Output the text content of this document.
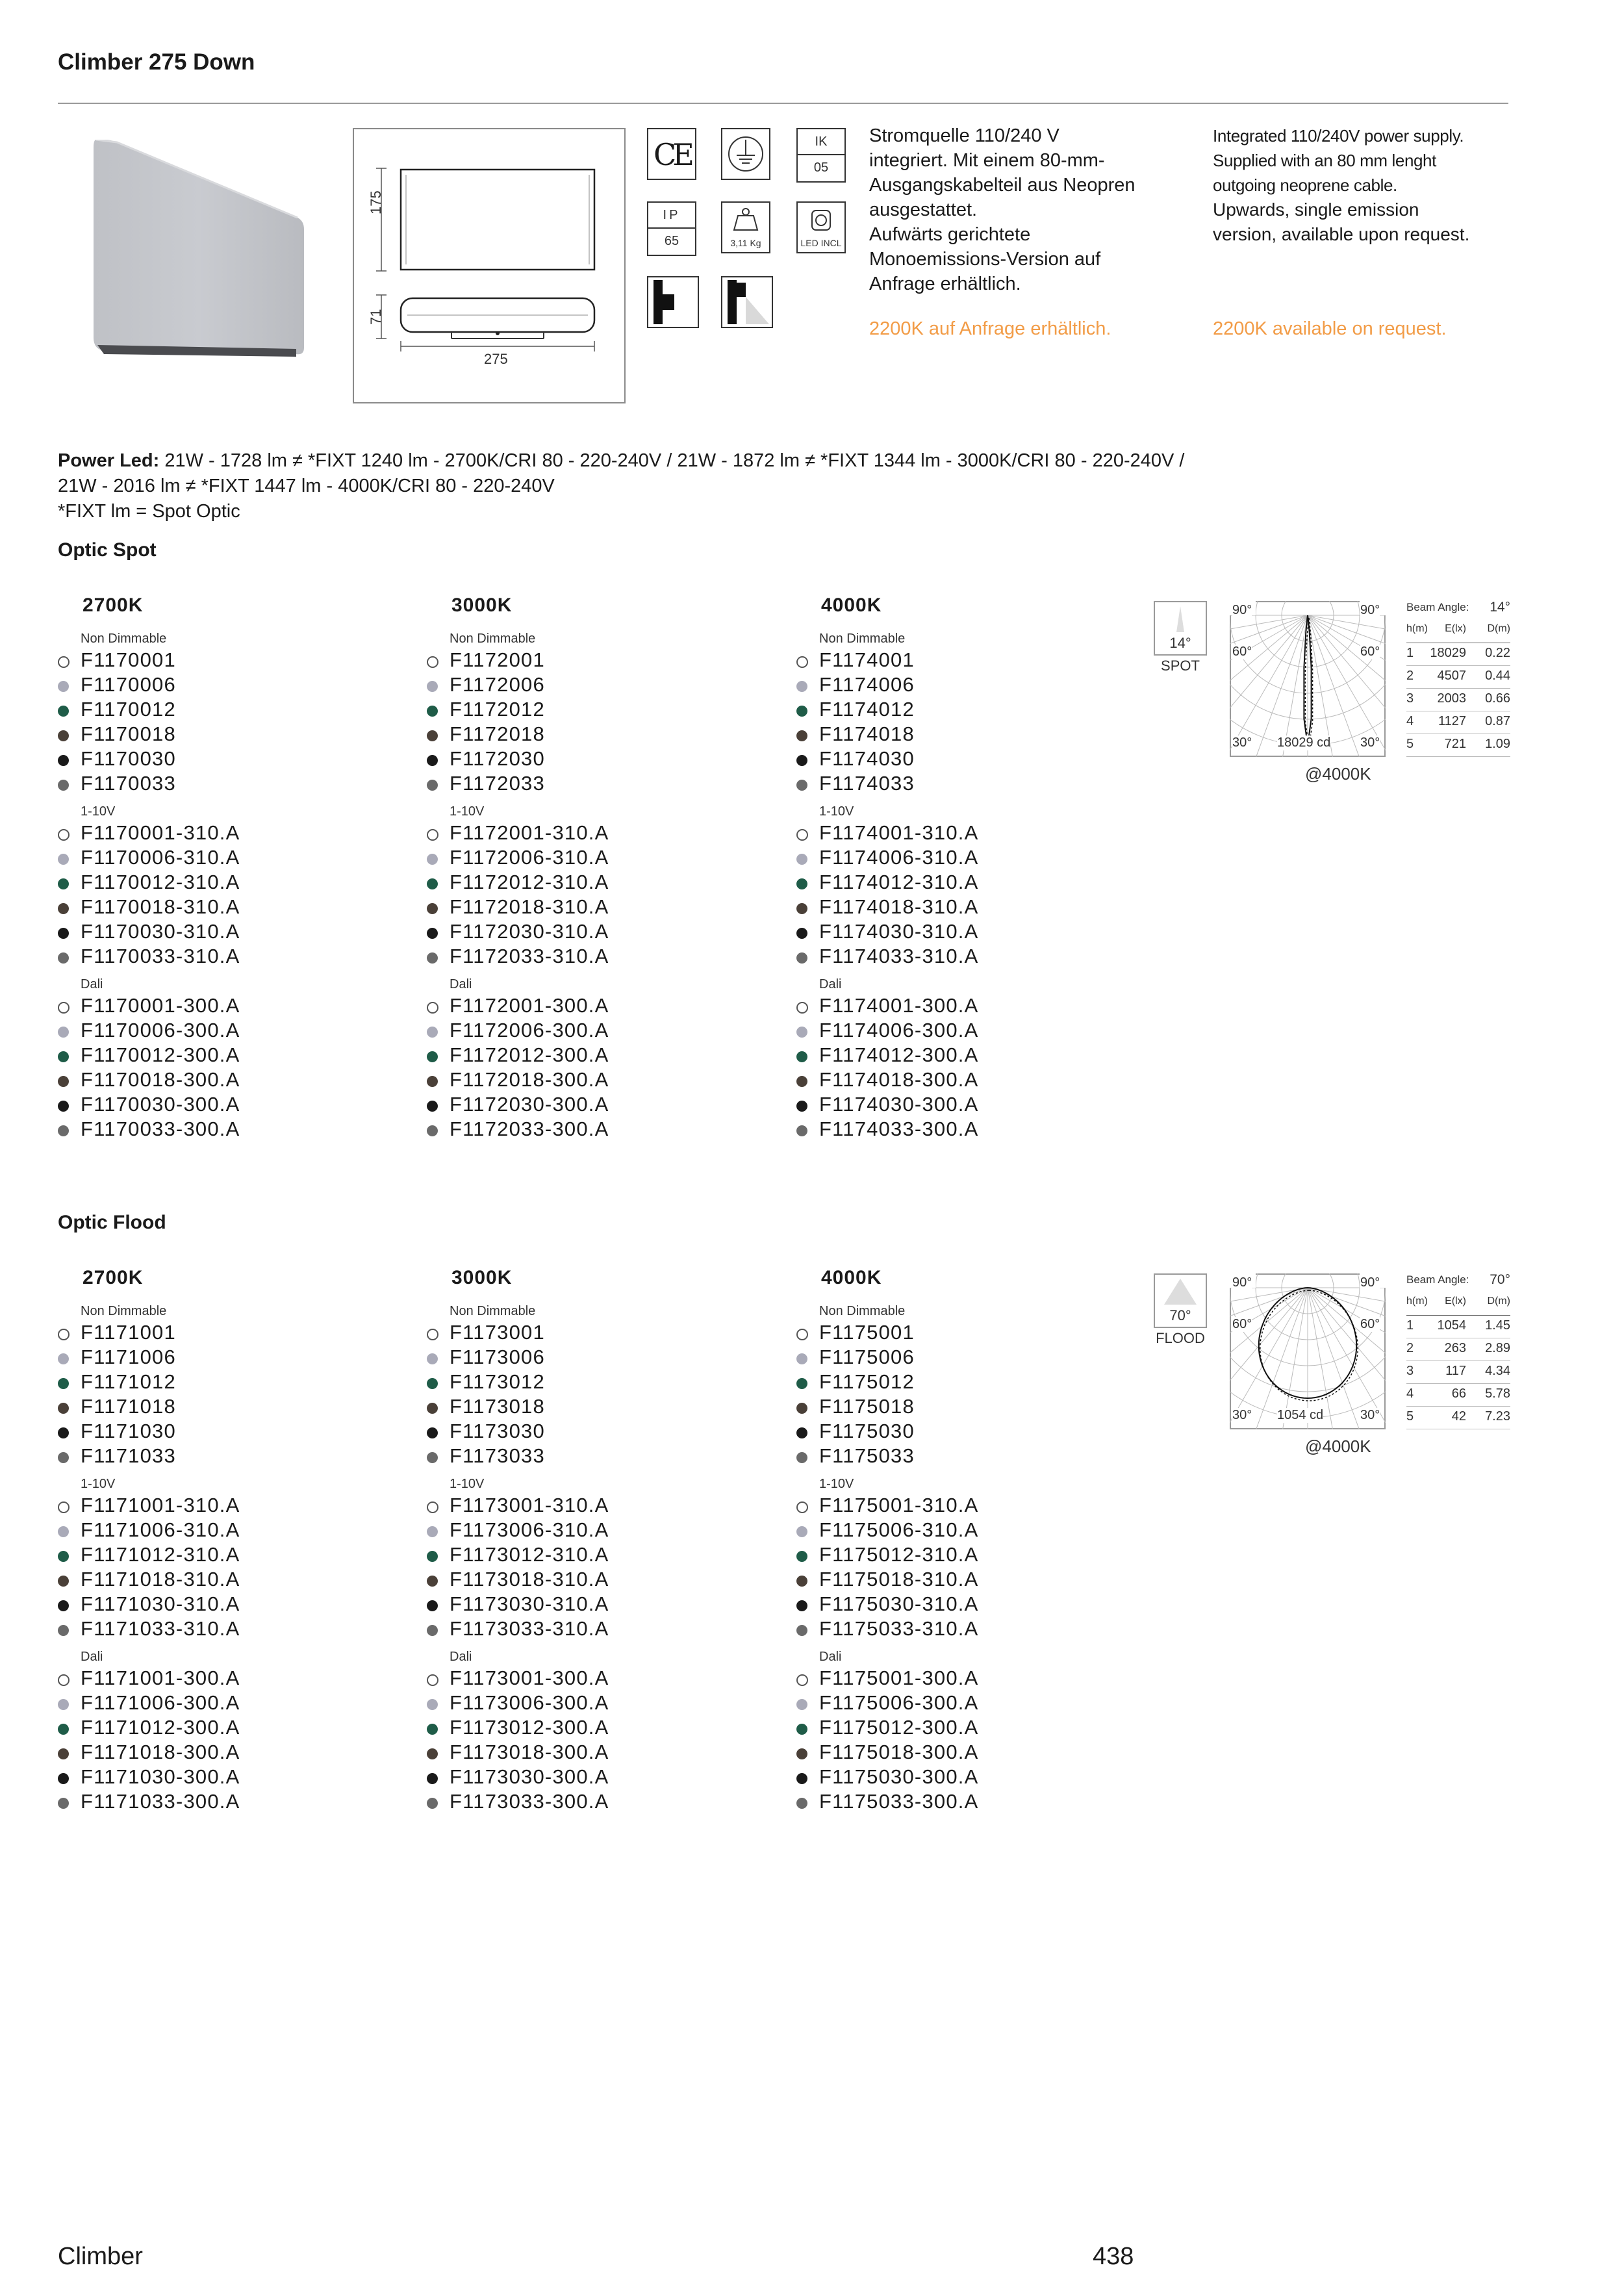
Climber 275 Down
175
71
275
CE	IK
05
IP
65	3,11 Kg	LED INCL
Stromquelle 110/240 V
integriert. Mit einem 80-mm-
Ausgangskabelteil aus Neopren
ausgestattet.
Aufwärts gerichtete
Monoemissions-Version auf
Anfrage erhältlich.
2200K auf Anfrage erhältlich.
Integrated 110/240V power supply.
Supplied with an 80 mm lenght
outgoing neoprene cable.
Upwards, single emission
version, available upon request.
2200K available on request.
Power Led: 21W - 1728 lm ≠ *FIXT 1240 lm - 2700K/CRI 80 - 220-240V / 21W - 1872 lm ≠ *FIXT 1344 lm - 3000K/CRI 80 - 220-240V /
21W - 2016 lm ≠ *FIXT 1447 lm - 4000K/CRI 80 - 220-240V
*FIXT lm = Spot Optic
Optic Spot
2700K
Non Dimmable
F1170001
F1170006
F1170012
F1170018
F1170030
F1170033
1-10V
F1170001-310.A
F1170006-310.A
F1170012-310.A
F1170018-310.A
F1170030-310.A
F1170033-310.A
Dali
F1170001-300.A
F1170006-300.A
F1170012-300.A
F1170018-300.A
F1170030-300.A
F1170033-300.A
3000K
Non Dimmable
F1172001
F1172006
F1172012
F1172018
F1172030
F1172033
1-10V
F1172001-310.A
F1172006-310.A
F1172012-310.A
F1172018-310.A
F1172030-310.A
F1172033-310.A
Dali
F1172001-300.A
F1172006-300.A
F1172012-300.A
F1172018-300.A
F1172030-300.A
F1172033-300.A
4000K
Non Dimmable
F1174001
F1174006
F1174012
F1174018
F1174030
F1174033
1-10V
F1174001-310.A
F1174006-310.A
F1174012-310.A
F1174018-310.A
F1174030-310.A
F1174033-310.A
Dali
F1174001-300.A
F1174006-300.A
F1174012-300.A
F1174018-300.A
F1174030-300.A
F1174033-300.A
14°
SPOT
90°	90°
60°	60°
30°	30°
18029 cd
@4000K
Beam Angle: 14°
h(m) E(lx) D(m)
1 18029 0.22
2 4507 0.44
3 2003 0.66
4 1127 0.87
5 721 1.09
Optic Flood
2700K
Non Dimmable
F1171001
F1171006
F1171012
F1171018
F1171030
F1171033
1-10V
F1171001-310.A
F1171006-310.A
F1171012-310.A
F1171018-310.A
F1171030-310.A
F1171033-310.A
Dali
F1171001-300.A
F1171006-300.A
F1171012-300.A
F1171018-300.A
F1171030-300.A
F1171033-300.A
3000K
Non Dimmable
F1173001
F1173006
F1173012
F1173018
F1173030
F1173033
1-10V
F1173001-310.A
F1173006-310.A
F1173012-310.A
F1173018-310.A
F1173030-310.A
F1173033-310.A
Dali
F1173001-300.A
F1173006-300.A
F1173012-300.A
F1173018-300.A
F1173030-300.A
F1173033-300.A
4000K
Non Dimmable
F1175001
F1175006
F1175012
F1175018
F1175030
F1175033
1-10V
F1175001-310.A
F1175006-310.A
F1175012-310.A
F1175018-310.A
F1175030-310.A
F1175033-310.A
Dali
F1175001-300.A
F1175006-300.A
F1175012-300.A
F1175018-300.A
F1175030-300.A
F1175033-300.A
70°
FLOOD
90°	90°
60°	60°
30°	30°
1054 cd
@4000K
Beam Angle: 70°
h(m) E(lx) D(m)
1 1054 1.45
2 263 2.89
3 117 4.34
4	66 5.78
5	42 7.23
Climber	438
